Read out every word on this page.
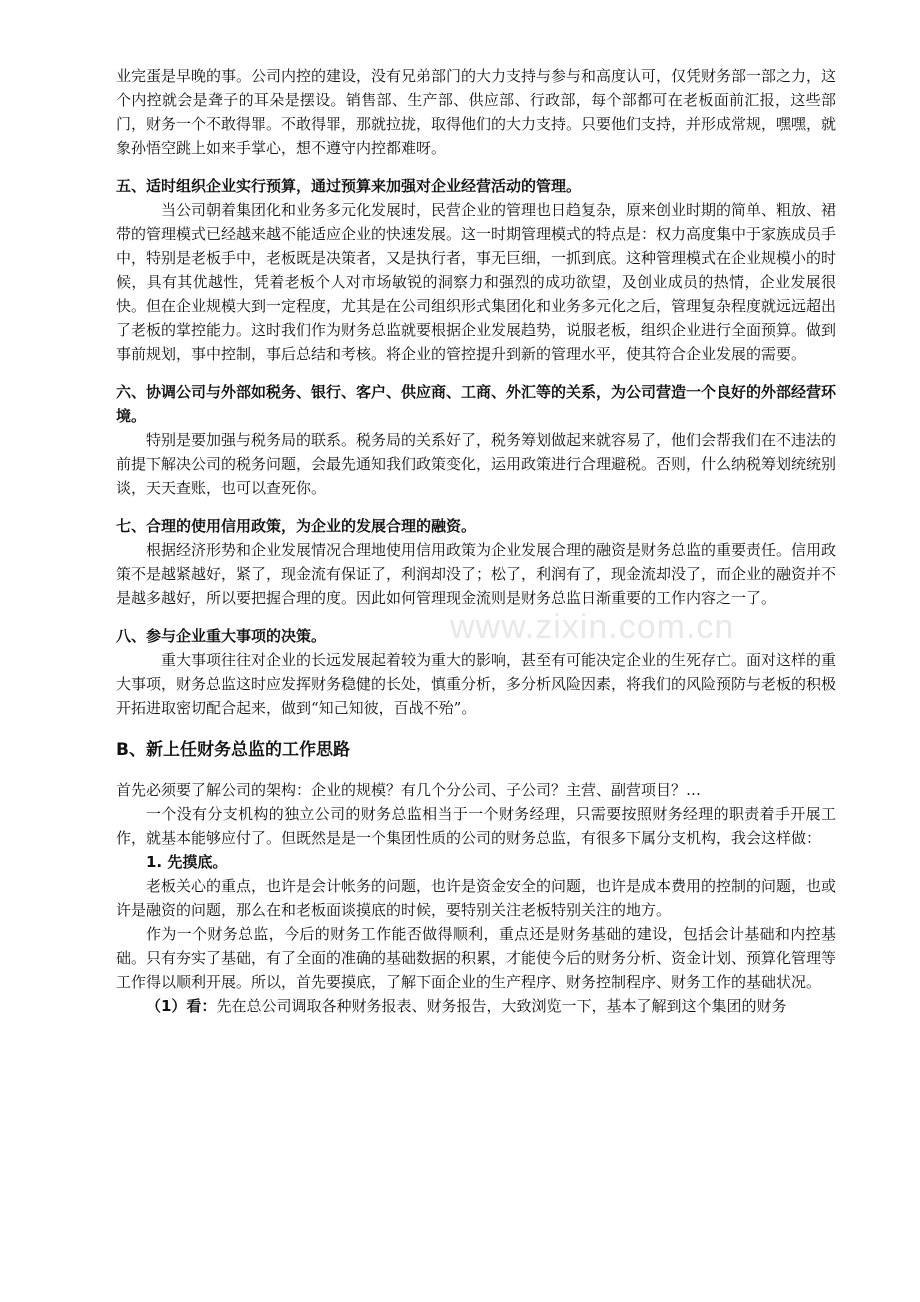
业完蛋是早晚的事。公司内控的建设，没有兄弟部门的大力支持与参与和高度认可，仅凭财务部一部之力，这个内控就会是聋子的耳朵是摆设。销售部、生产部、供应部、行政部，每个部都可在老板面前汇报，这些部门，财务一个不敢得罪。不敢得罪，那就拉拢，取得他们的大力支持。只要他们支持，并形成常规，嘿嘿，就象孙悟空跳上如来手掌心，想不遵守内控都难呀。

五、适时组织企业实行预算，通过预算来加强对企业经营活动的管理。

当公司朝着集团化和业务多元化发展时，民营企业的管理也日趋复杂，原来创业时期的简单、粗放、裙带的管理模式已经越来越不能适应企业的快速发展。这一时期管理模式的特点是：权力高度集中于家族成员手中，特别是老板手中，老板既是决策者，又是执行者，事无巨细，一抓到底。这种管理模式在企业规模小的时候，具有其优越性，凭着老板个人对市场敏锐的洞察力和强烈的成功欲望，及创业成员的热情，企业发展很快。但在企业规模大到一定程度，尤其是在公司组织形式集团化和业务多元化之后，管理复杂程度就远远超出了老板的掌控能力。这时我们作为财务总监就要根据企业发展趋势，说服老板，组织企业进行全面预算。做到事前规划，事中控制，事后总结和考核。将企业的管控提升到新的管理水平，使其符合企业发展的需要。

六、协调公司与外部如税务、银行、客户、供应商、工商、外汇等的关系，为公司营造一个良好的外部经营环境。

特别是要加强与税务局的联系。税务局的关系好了，税务筹划做起来就容易了，他们会帮我们在不违法的前提下解决公司的税务问题，会最先通知我们政策变化，运用政策进行合理避税。否则，什么纳税筹划统统别谈，天天查账，也可以查死你。

七、合理的使用信用政策，为企业的发展合理的融资。

根据经济形势和企业发展情况合理地使用信用政策为企业发展合理的融资是财务总监的重要责任。信用政策不是越紧越好，紧了，现金流有保证了，利润却没了；松了，利润有了，现金流却没了，而企业的融资并不是越多越好，所以要把握合理的度。因此如何管理现金流则是财务总监日渐重要的工作内容之一了。

八、参与企业重大事项的决策。

重大事项往往对企业的长远发展起着较为重大的影响，甚至有可能决定企业的生死存亡。面对这样的重大事项，财务总监这时应发挥财务稳健的长处，慎重分析，多分析风险因素，将我们的风险预防与老板的积极开拓进取密切配合起来，做到“知己知彼，百战不殆”。

B、新上任财务总监的工作思路

首先必须要了解公司的架构：企业的规模？有几个分公司、子公司？主营、副营项目？…

一个没有分支机构的独立公司的财务总监相当于一个财务经理，只需要按照财务经理的职责着手开展工作，就基本能够应付了。但既然是是一个集团性质的公司的财务总监，有很多下属分支机构，我会这样做：

1. 先摸底。

老板关心的重点，也许是会计帐务的问题，也许是资金安全的问题，也许是成本费用的控制的问题，也或许是融资的问题，那么在和老板面谈摸底的时候，要特别关注老板特别关注的地方。

作为一个财务总监，今后的财务工作能否做得顺利，重点还是财务基础的建设，包括会计基础和内控基础。只有夯实了基础，有了全面的准确的基础数据的积累，才能使今后的财务分析、资金计划、预算化管理等工作得以顺利开展。所以，首先要摸底，了解下面企业的生产程序、财务控制程序、财务工作的基础状况。

（1）看：先在总公司调取各种财务报表、财务报告，大致浏览一下，基本了解到这个集团的财务

www.zixin.com.cn
